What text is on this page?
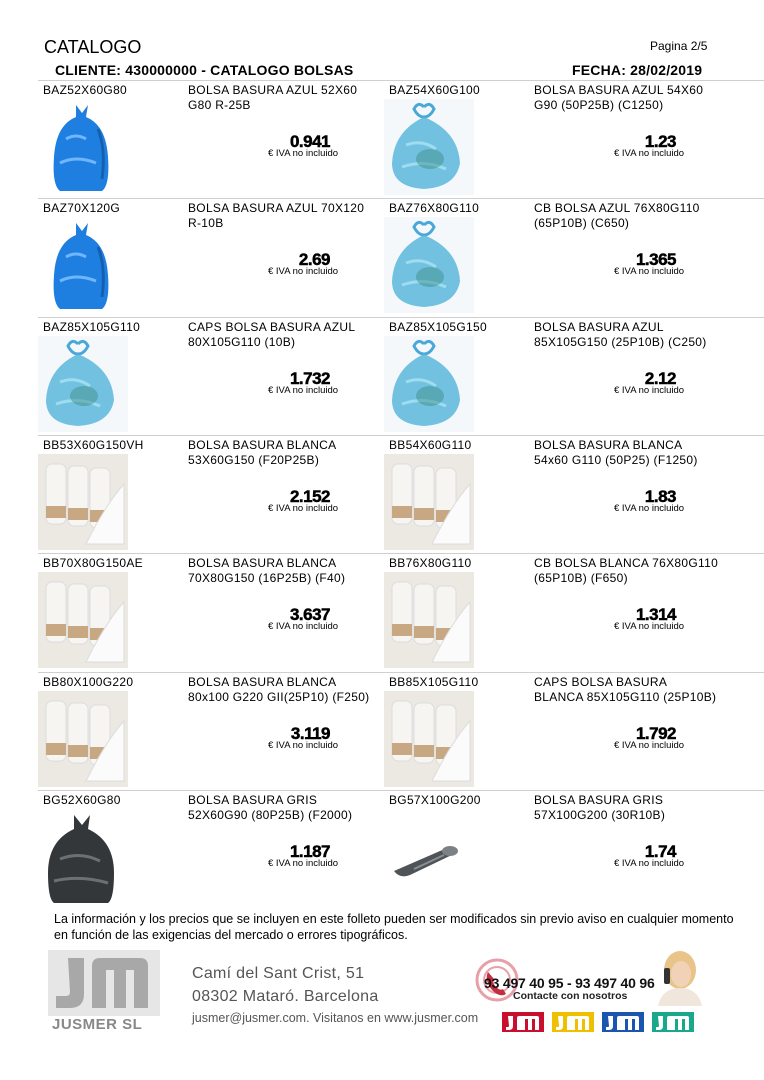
CATALOGO	Pagina 2/5
CLIENTE: 430000000 - CATALOGO BOLSAS	FECHA: 28/02/2019
BAZ52X60G80	BOLSA BASURA AZUL 52X60 G80 R-25B
0.941
€ IVA no incluido
BAZ54X60G100	BOLSA BASURA AZUL 54X60 G90 (50P25B) (C1250)
1.23
€ IVA no incluido
BAZ70X120G	BOLSA BASURA AZUL 70X120 R-10B
2.69
€ IVA no incluido
BAZ76X80G110	CB BOLSA AZUL 76X80G110 (65P10B) (C650)
1.365
€ IVA no incluido
BAZ85X105G110	CAPS BOLSA BASURA AZUL 80X105G110 (10B)
1.732
€ IVA no incluido
BAZ85X105G150	BOLSA BASURA AZUL 85X105G150 (25P10B) (C250)
2.12
€ IVA no incluido
BB53X60G150VH	BOLSA BASURA BLANCA 53X60G150 (F20P25B)
2.152
€ IVA no incluido
BB54X60G110	BOLSA BASURA BLANCA 54x60 G110 (50P25) (F1250)
1.83
€ IVA no incluido
BB70X80G150AE	BOLSA BASURA BLANCA 70X80G150 (16P25B) (F40)
3.637
€ IVA no incluido
BB76X80G110	CB BOLSA BLANCA 76X80G110 (65P10B) (F650)
1.314
€ IVA no incluido
BB80X100G220	BOLSA BASURA BLANCA 80x100 G220 GII(25P10) (F250)
3.119
€ IVA no incluido
BB85X105G110	CAPS BOLSA BASURA BLANCA 85X105G110 (25P10B)
1.792
€ IVA no incluido
BG52X60G80	BOLSA BASURA GRIS 52X60G90 (80P25B) (F2000)
1.187
€ IVA no incluido
BG57X100G200	BOLSA BASURA GRIS 57X100G200 (30R10B)
1.74
€ IVA no incluido
La información y los precios que se incluyen en este folleto pueden ser modificados sin previo aviso en cualquier momento en función de las exigencias del mercado o errores tipográficos.
JUSMER SL
Camí del Sant Crist, 51
08302 Mataró. Barcelona
jusmer@jusmer.com. Visitanos en www.jusmer.com
93 497 40 95 - 93 497 40 96
Contacte con nosotros
